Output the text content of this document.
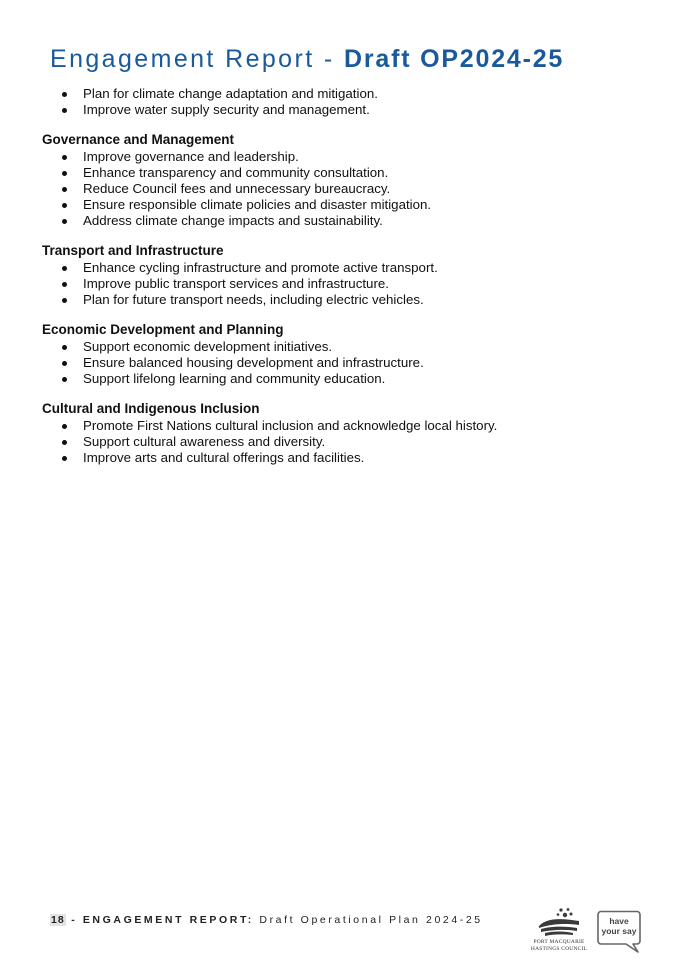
Engagement Report - Draft OP2024-25
Plan for climate change adaptation and mitigation.
Improve water supply security and management.
Governance and Management
Improve governance and leadership.
Enhance transparency and community consultation.
Reduce Council fees and unnecessary bureaucracy.
Ensure responsible climate policies and disaster mitigation.
Address climate change impacts and sustainability.
Transport and Infrastructure
Enhance cycling infrastructure and promote active transport.
Improve public transport services and infrastructure.
Plan for future transport needs, including electric vehicles.
Economic Development and Planning
Support economic development initiatives.
Ensure balanced housing development and infrastructure.
Support lifelong learning and community education.
Cultural and Indigenous Inclusion
Promote First Nations cultural inclusion and acknowledge local history.
Support cultural awareness and diversity.
Improve arts and cultural offerings and facilities.
18 - ENGAGEMENT REPORT: Draft Operational Plan 2024-25
PORT MACQUARIE
HASTINGS COUNCIL
have
your say
